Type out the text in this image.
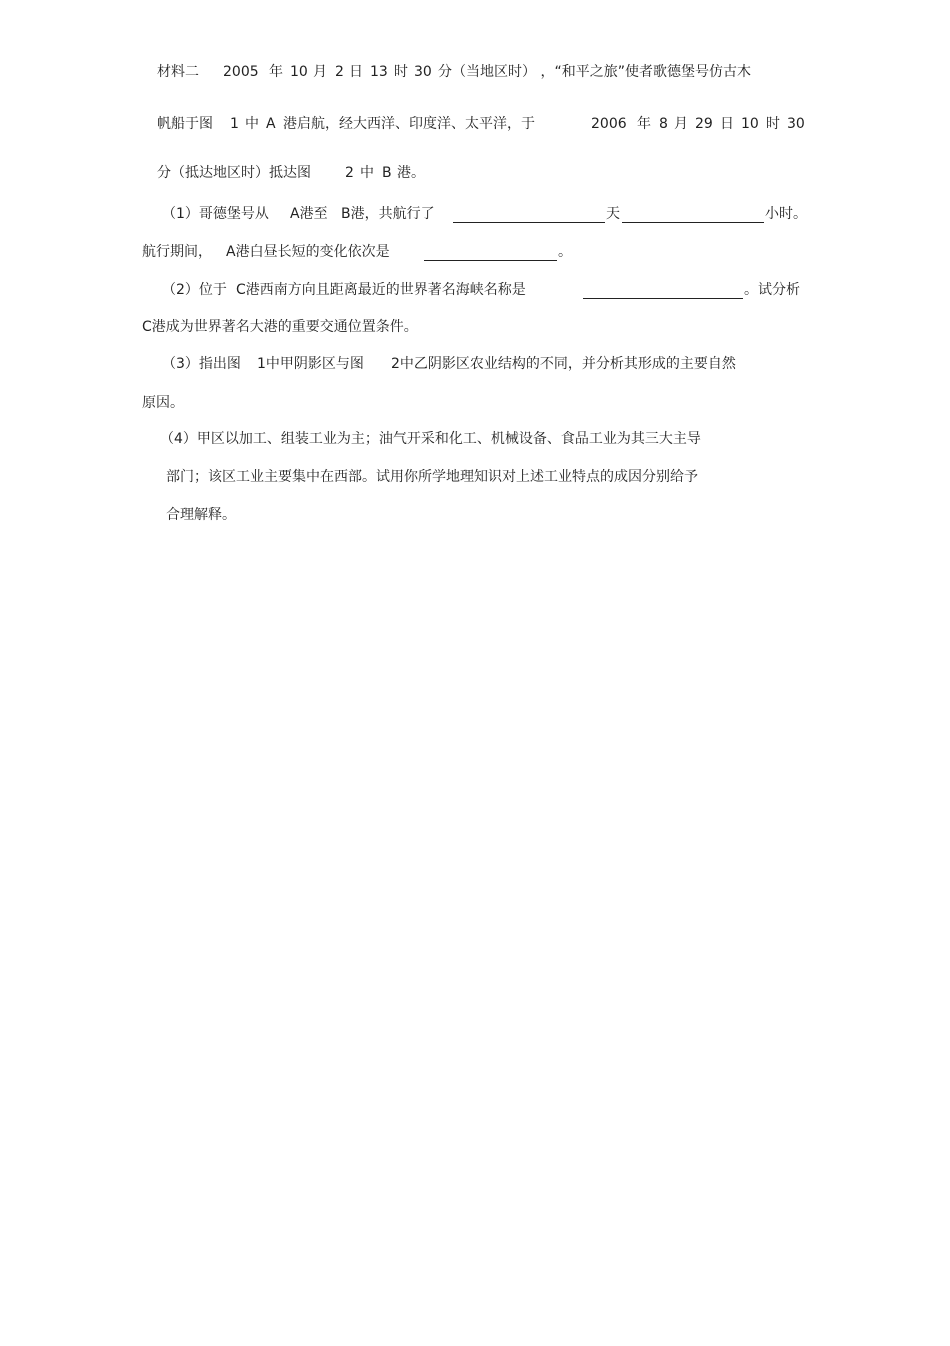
材料二 2005 年 10 月 2 日 13 时 30 分（当地区时） ，“和平之旅”使者歌德堡号仿古木
帆船于图 1 中 A 港启航，经大西洋、印度洋、太平洋，于	2006 年 8 月 29 日 10 时 30
分（抵达地区时）抵达图 2 中 B 港。
（1）哥德堡号从 A港至 B港，共航行了	天	小时。
航行期间， A港白昼长短的变化依次是	。
（2）位于 C港西南方向且距离最近的世界著名海峡名称是	。试分析
C港成为世界著名大港的重要交通位置条件。
（3）指出图 1中甲阴影区与图 2中乙阴影区农业结构的不同，并分析其形成的主要自然
原因。
（4）甲区以加工、组装工业为主；油气开采和化工、机械设备、食品工业为其三大主导
部门；该区工业主要集中在西部。试用你所学地理知识对上述工业特点的成因分别给予
合理解释。
